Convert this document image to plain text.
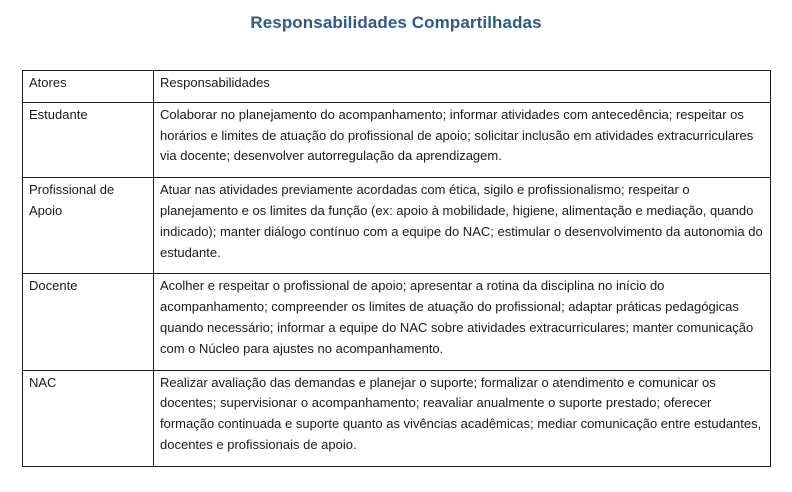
Responsabilidades Compartilhadas
Atores	Responsabilidades
Estudante	Colaborar no planejamento do acompanhamento; informar atividades com antecedência; respeitar os horários e limites de atuação do profissional de apoio; solicitar inclusão em atividades extracurriculares via docente; desenvolver autorregulação da aprendizagem.
Profissional de Apoio	Atuar nas atividades previamente acordadas com ética, sigilo e profissionalismo; respeitar o planejamento e os limites da função (ex: apoio à mobilidade, higiene, alimentação e mediação, quando indicado); manter diálogo contínuo com a equipe do NAC; estimular o desenvolvimento da autonomia do estudante.
Docente	Acolher e respeitar o profissional de apoio; apresentar a rotina da disciplina no início do acompanhamento; compreender os limites de atuação do profissional; adaptar práticas pedagógicas quando necessário; informar a equipe do NAC sobre atividades extracurriculares; manter comunicação com o Núcleo para ajustes no acompanhamento.
NAC	Realizar avaliação das demandas e planejar o suporte; formalizar o atendimento e comunicar os docentes; supervisionar o acompanhamento; reavaliar anualmente o suporte prestado; oferecer formação continuada e suporte quanto as vivências acadêmicas; mediar comunicação entre estudantes, docentes e profissionais de apoio.
